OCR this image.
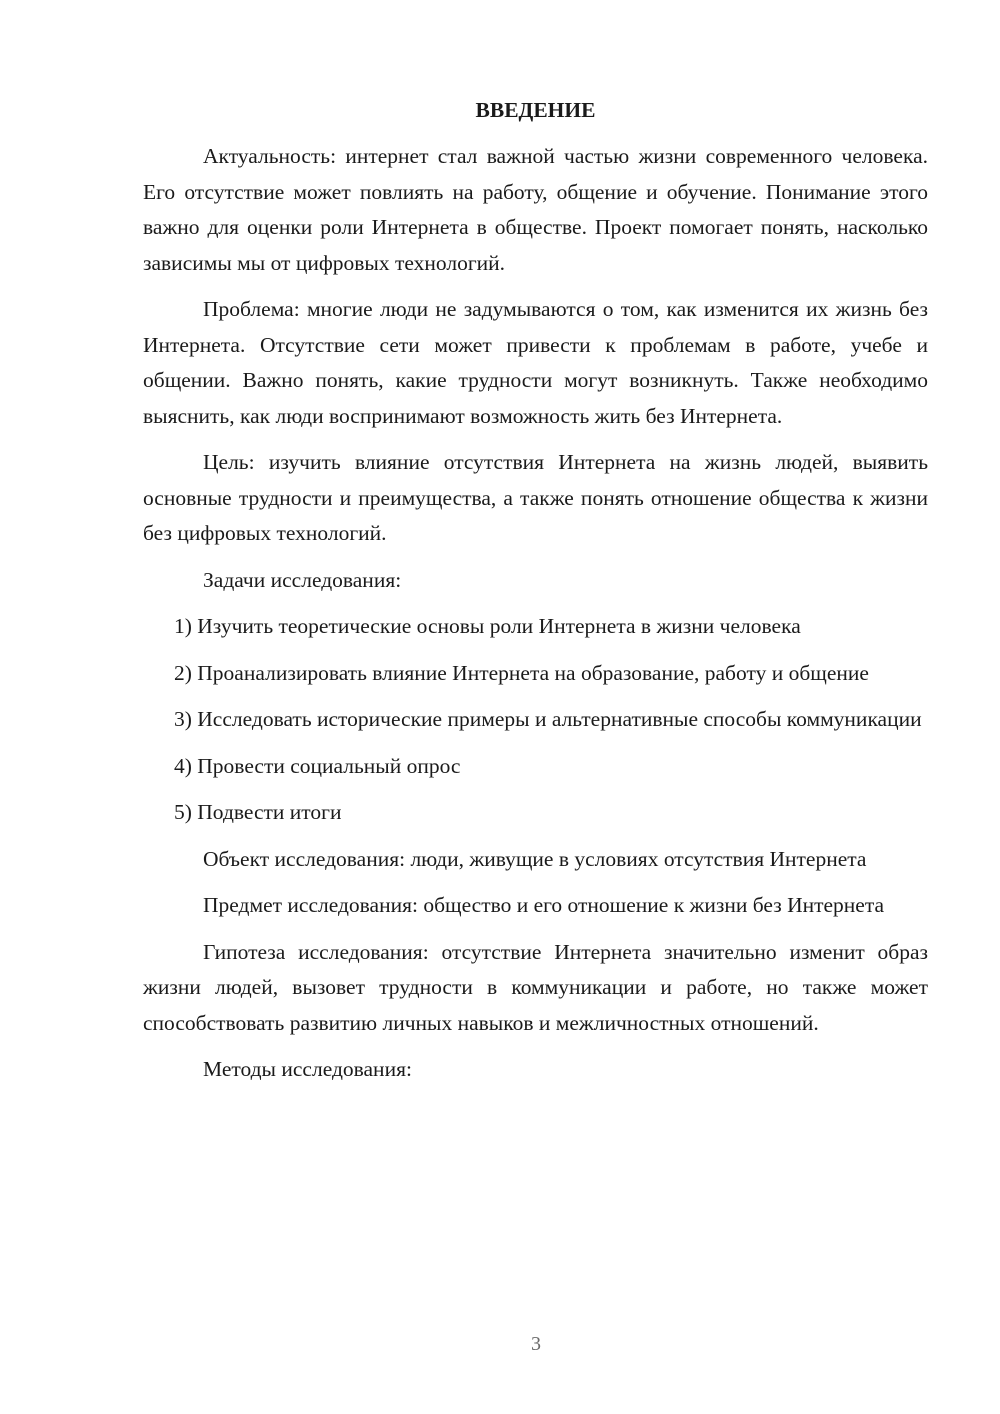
ВВЕДЕНИЕ
Актуальность: интернет стал важной частью жизни современного человека. Его отсутствие может повлиять на работу, общение и обучение. Понимание этого важно для оценки роли Интернета в обществе. Проект помогает понять, насколько зависимы мы от цифровых технологий.
Проблема: многие люди не задумываются о том, как изменится их жизнь без Интернета. Отсутствие сети может привести к проблемам в работе, учебе и общении. Важно понять, какие трудности могут возникнуть. Также необходимо выяснить, как люди воспринимают возможность жить без Интернета.
Цель: изучить влияние отсутствия Интернета на жизнь людей, выявить основные трудности и преимущества, а также понять отношение общества к жизни без цифровых технологий.
Задачи исследования:
1) Изучить теоретические основы роли Интернета в жизни человека
2) Проанализировать влияние Интернета на образование, работу и общение
3) Исследовать исторические примеры и альтернативные способы коммуникации
4) Провести социальный опрос
5) Подвести итоги
Объект исследования: люди, живущие в условиях отсутствия Интернета
Предмет исследования: общество и его отношение к жизни без Интернета
Гипотеза исследования: отсутствие Интернета значительно изменит образ жизни людей, вызовет трудности в коммуникации и работе, но также может способствовать развитию личных навыков и межличностных отношений.
Методы исследования:
3
